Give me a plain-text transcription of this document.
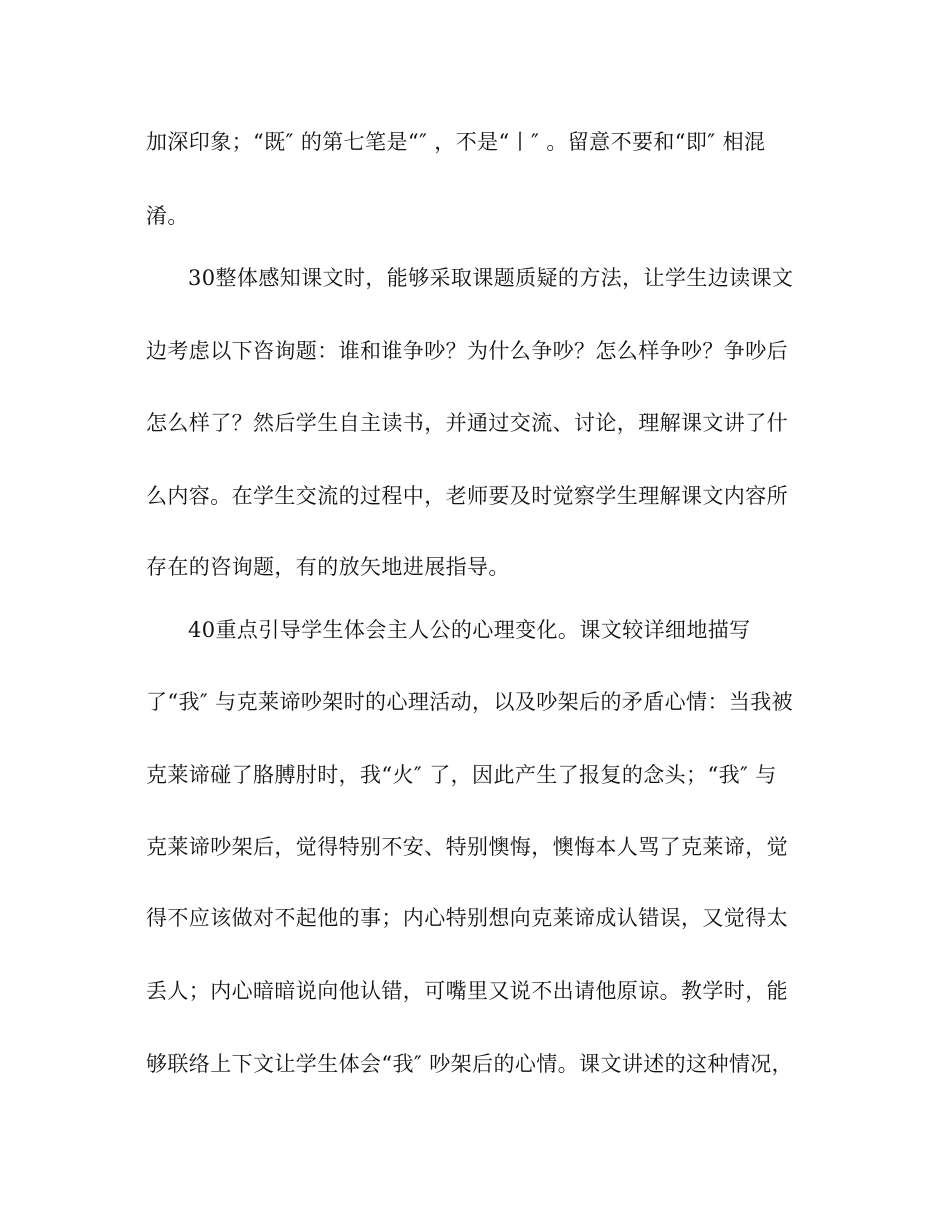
加深印象；“既″ 的第七笔是“″ ，不是“丨″ 。留意不要和“即″ 相混
淆。
30整体感知课文时，能够采取课题质疑的方法，让学生边读课文
边考虑以下咨询题：谁和谁争吵？为什么争吵？怎么样争吵？争吵后
怎么样了？然后学生自主读书，并通过交流、讨论，理解课文讲了什
么内容。在学生交流的过程中，老师要及时觉察学生理解课文内容所
存在的咨询题，有的放矢地进展指导。
40重点引导学生体会主人公的心理变化。课文较详细地描写
了“我″ 与克莱谛吵架时的心理活动，以及吵架后的矛盾心情：当我被
克莱谛碰了胳膊肘时，我“火″ 了，因此产生了报复的念头；“我″ 与
克莱谛吵架后，觉得特别不安、特别懊悔，懊悔本人骂了克莱谛，觉
得不应该做对不起他的事；内心特别想向克莱谛成认错误，又觉得太
丢人；内心暗暗说向他认错，可嘴里又说不出请他原谅。教学时，能
够联络上下文让学生体会“我″ 吵架后的心情。课文讲述的这种情况，
